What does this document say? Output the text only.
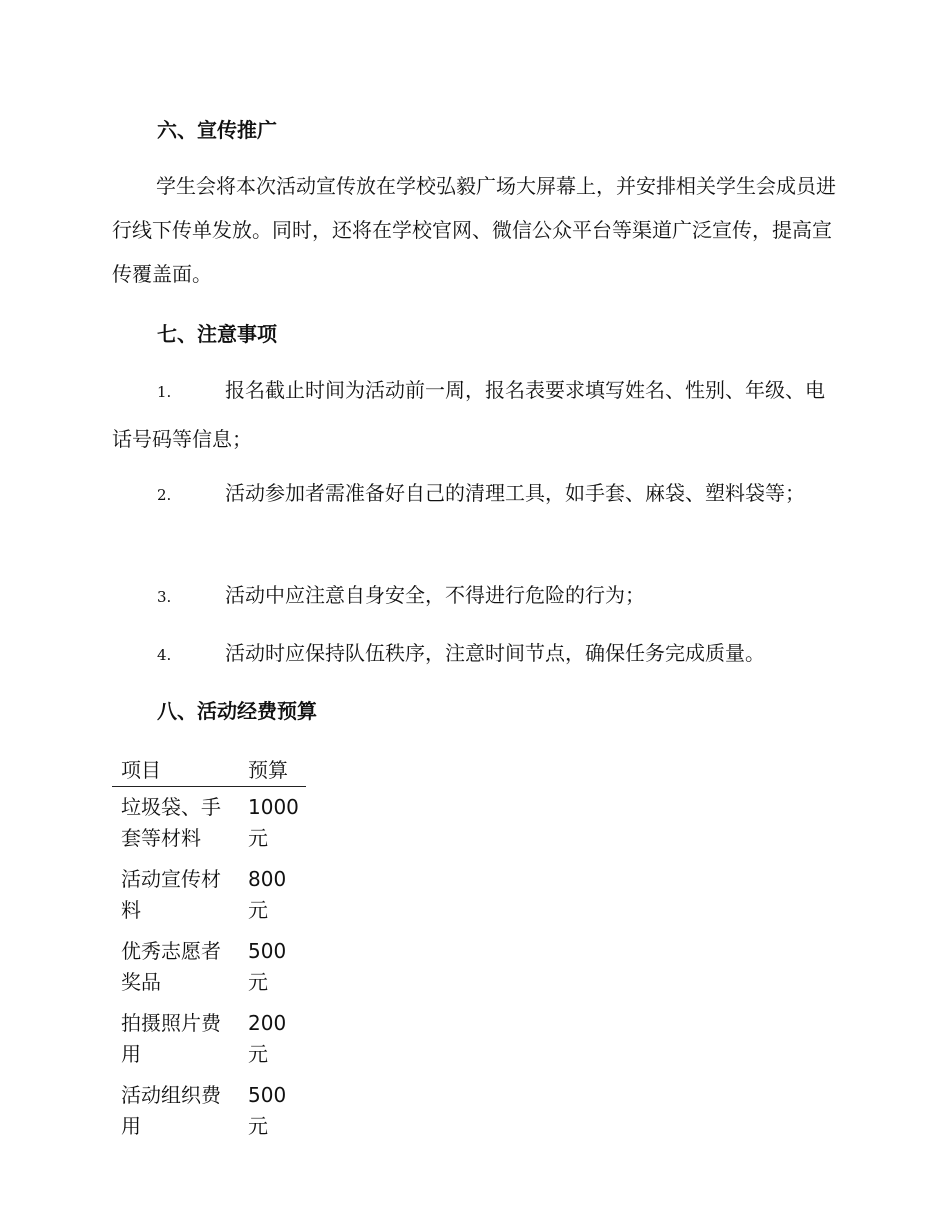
六、宣传推广

学生会将本次活动宣传放在学校弘毅广场大屏幕上，并安排相关学生会成员进行线下传单发放。同时，还将在学校官网、微信公众平台等渠道广泛宣传，提高宣传覆盖面。

七、注意事项

1.	报名截止时间为活动前一周，报名表要求填写姓名、性别、年级、电话号码等信息；

2.	活动参加者需准备好自己的清理工具，如手套、麻袋、塑料袋等；

3.	活动中应注意自身安全，不得进行危险的行为；

4.	活动时应保持队伍秩序，注意时间节点，确保任务完成质量。

八、活动经费预算
项目	预算

垃圾袋、手套等材料	1000元

活动宣传材料	800元

优秀志愿者奖品	500元

拍摄照片费用	200元

活动组织费用	500元
